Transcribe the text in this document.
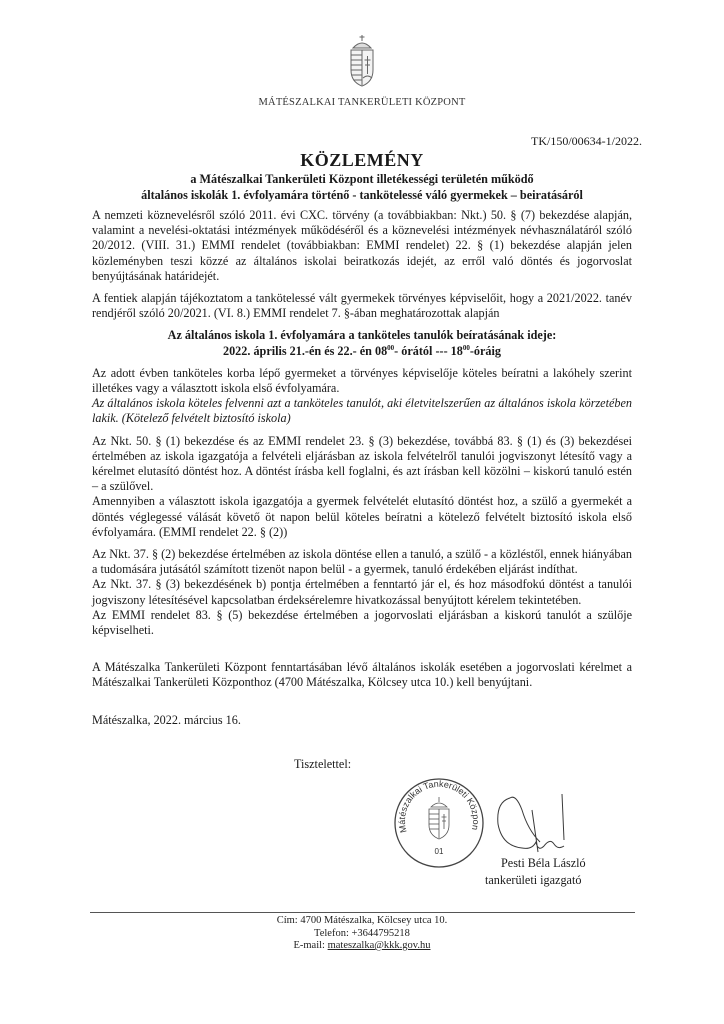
MÁTÉSZALKAI TANKERÜLETI KÖZPONT
TK/150/00634-1/2022.
KÖZLEMÉNY
a Mátészalkai Tankerületi Központ illetékességi területén működő
általános iskolák 1. évfolyamára történő - tankötelessé váló gyermekek – beiratásáról

A nemzeti köznevelésről szóló 2011. évi CXC. törvény (a továbbiakban: Nkt.) 50. § (7) bekezdése alapján, valamint a nevelési-oktatási intézmények működéséről és a köznevelési intézmények névhasználatáról szóló 20/2012. (VIII. 31.) EMMI rendelet (továbbiakban: EMMI rendelet) 22. § (1) bekezdése alapján jelen közleményben teszi közzé az általános iskolai beiratkozás idejét, az erről való döntés és jogorvoslat benyújtásának határidejét.

A fentiek alapján tájékoztatom a tankötelessé vált gyermekek törvényes képviselőit, hogy a 2021/2022. tanév rendjéről szóló 20/2021. (VI. 8.) EMMI rendelet 7. §-ában meghatározottak alapján

Az általános iskola 1. évfolyamára a tanköteles tanulók beíratásának ideje:

2022. április 21.-én és 22.- én $08^{00}-$ órától --- $18^{00}$-óráig

Az adott évben tanköteles korba lépő gyermeket a törvényes képviselője köteles beíratni a lakóhely szerint illetékes vagy a választott iskola első évfolyamára.

Az általános iskola köteles felvenni azt a tanköteles tanulót, aki életvitelszerűen az általános iskola körzetében lakik. (Kötelező felvételt biztosító iskola)

Az Nkt. 50. § (1) bekezdése és az EMMI rendelet 23. § (3) bekezdése, továbbá 83. § (1) és (3) bekezdései értelmében az iskola igazgatója a felvételi eljárásban az iskola felvételről tanulói jogviszonyt létesítő vagy a kérelmet elutasító döntést hoz. A döntést írásba kell foglalni, és azt írásban kell közölni – kiskorú tanuló estén – a szülővel.

Amennyiben a választott iskola igazgatója a gyermek felvételét elutasító döntést hoz, a szülő a gyermekét a döntés véglegessé válását követő öt napon belül köteles beíratni a kötelező felvételt biztosító iskola első évfolyamára. (EMMI rendelet 22. § (2))

Az Nkt. 37. § (2) bekezdése értelmében az iskola döntése ellen a tanuló, a szülő - a közléstől, ennek hiányában a tudomására jutásától számított tizenöt napon belül - a gyermek, tanuló érdekében eljárást indíthat.

Az Nkt. 37. § (3) bekezdésének b) pontja értelmében a fenntartó jár el, és hoz másodfokú döntést a tanulói jogviszony létesítésével kapcsolatban érdeksérelemre hivatkozással benyújtott kérelem tekintetében.

Az EMMI rendelet 83. § (5) bekezdése értelmében a jogorvoslati eljárásban a kiskorú tanulót a szülője képviselheti.

A Mátészalka Tankerületi Központ fenntartásában lévő általános iskolák esetében a jogorvoslati kérelmet a Mátészalkai Tankerületi Központhoz (4700 Mátészalka, Kölcsey utca 10.) kell benyújtani.

Mátészalka, 2022. március 16.

Tisztelettel:
Mátészalkai Tankerületi Közpon
01
Pesti Béla László
tankerületi igazgató
Cím: 4700 Mátészalka, Kölcsey utca 10.
Telefon: +3644795218
E-mail: mateszalka@kkk.gov.hu
